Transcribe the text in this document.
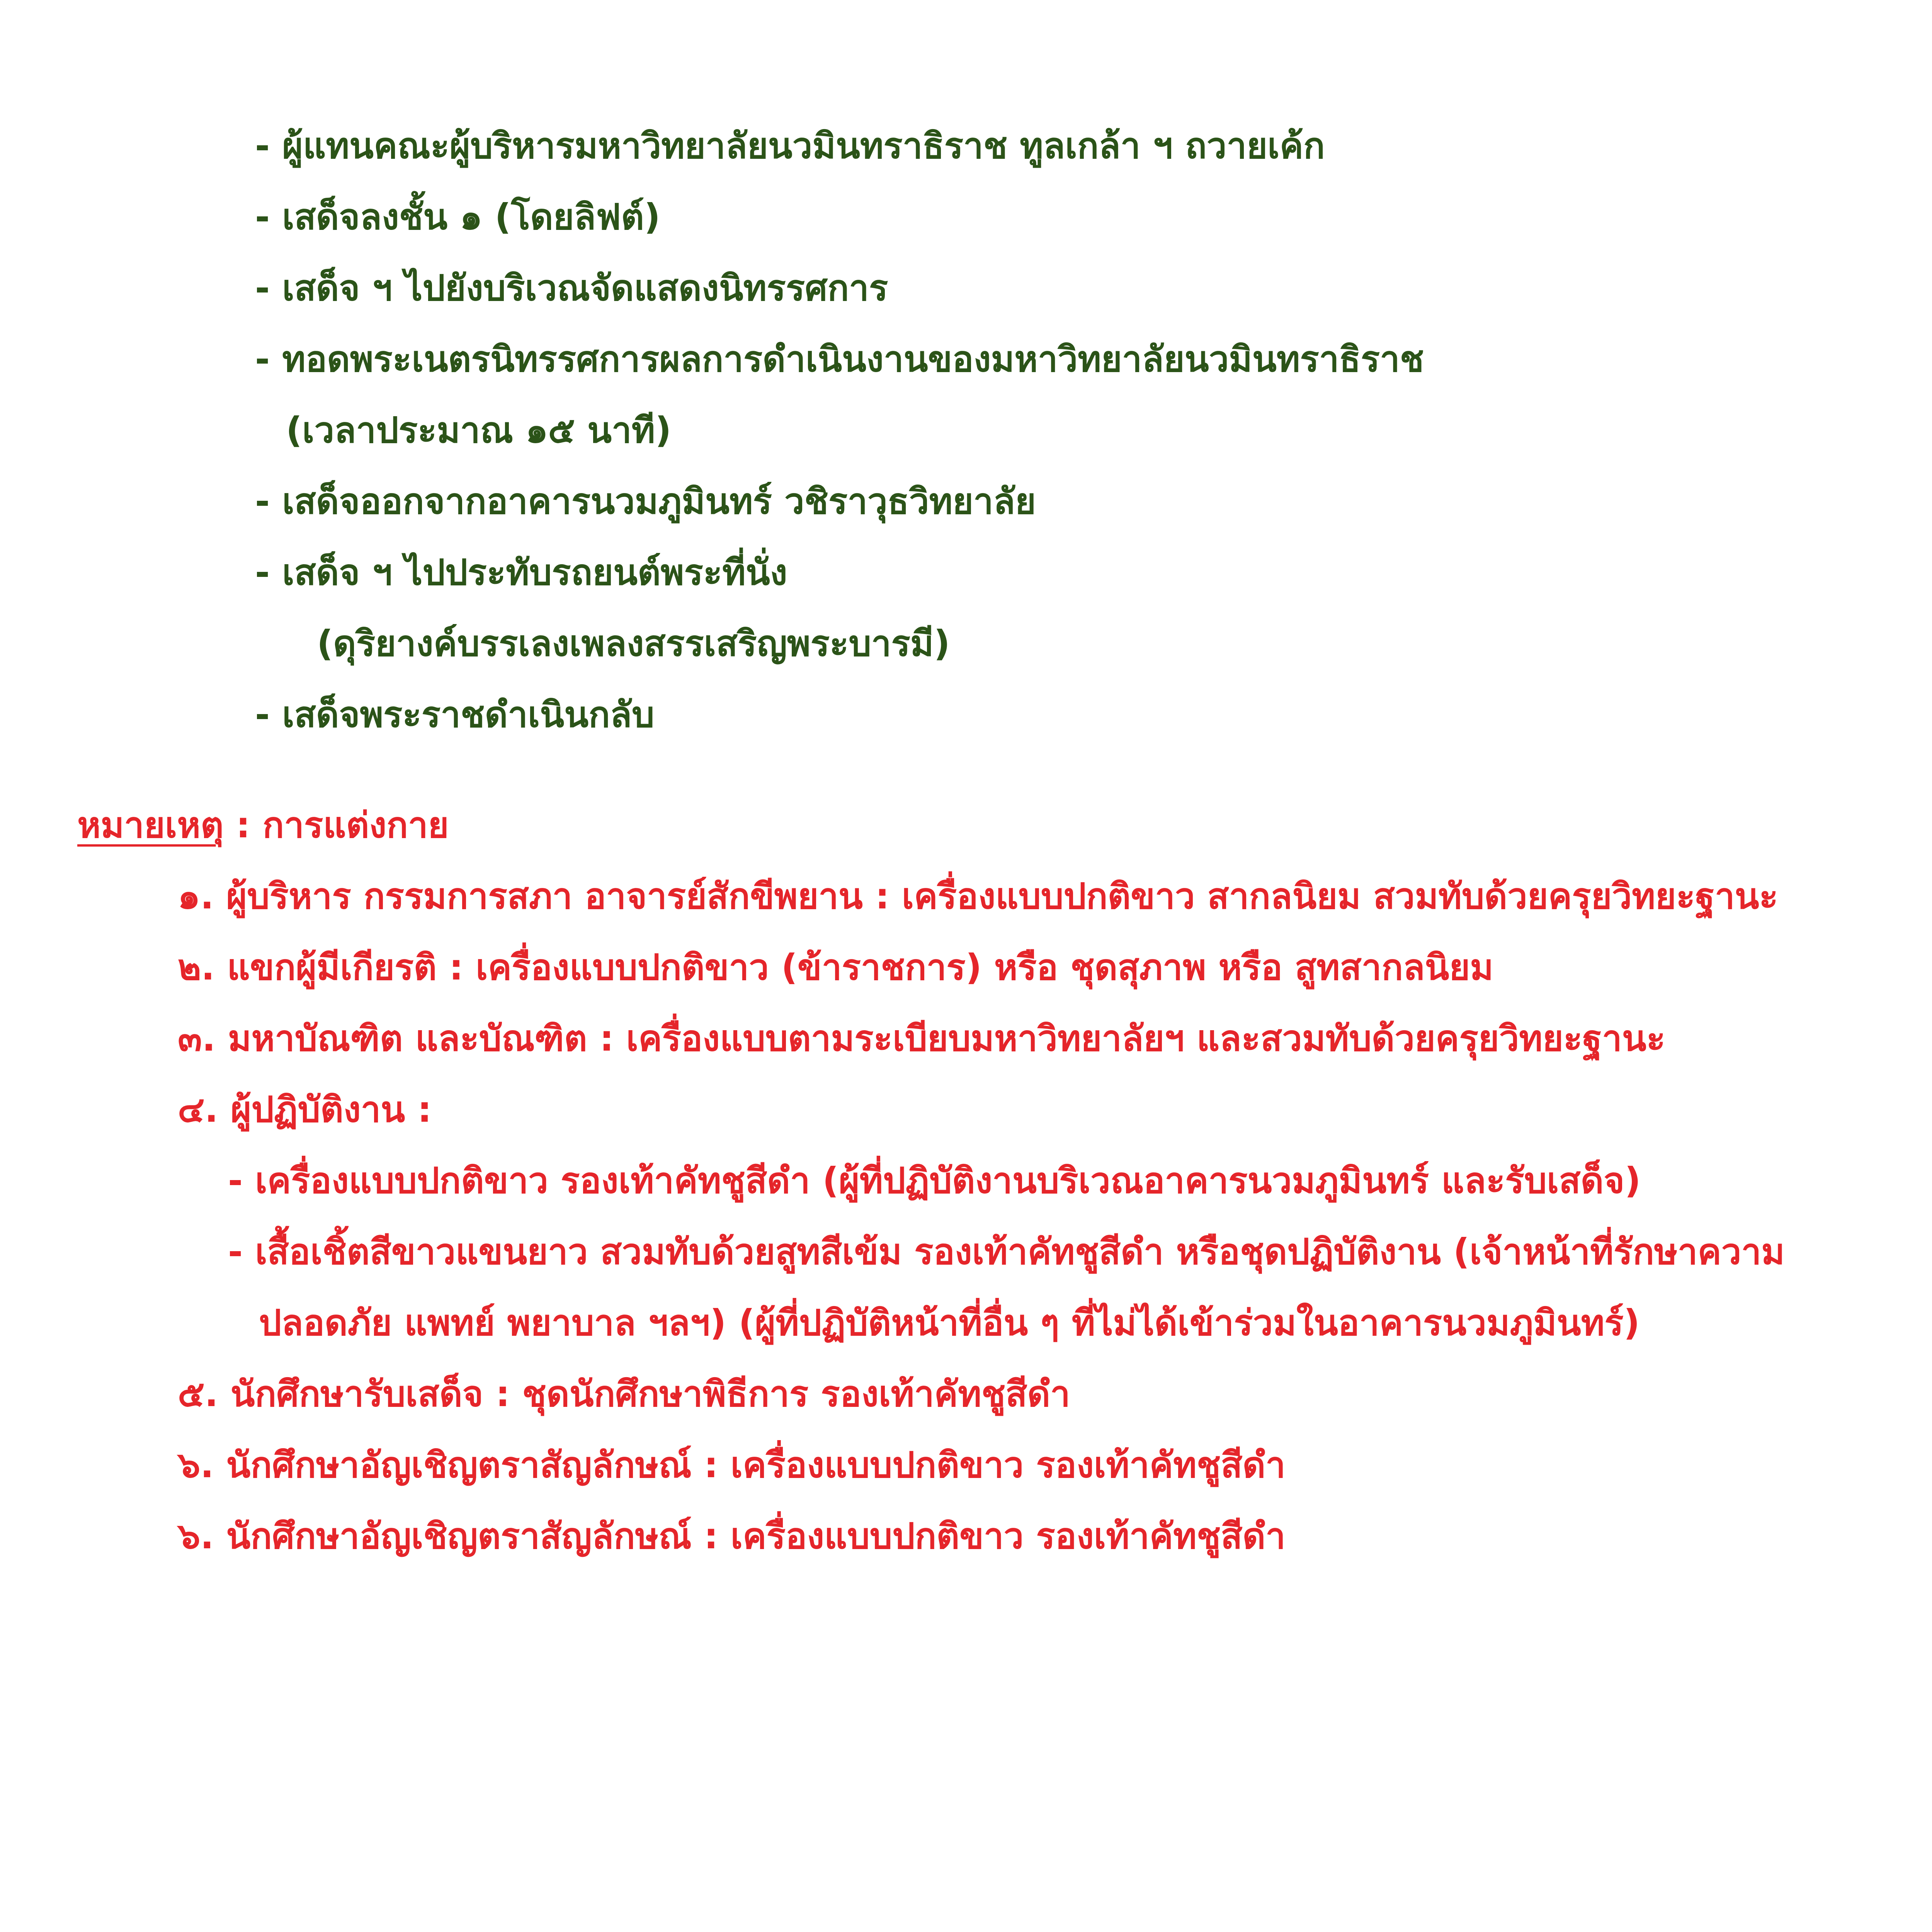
- ผู้แทนคณะผู้บริหารมหาวิทยาลัยนวมินทราธิราช ทูลเกล้า ฯ ถวายเค้ก
- เสด็จลงชั้น ๑ (โดยลิฟต์)
- เสด็จ ฯ ไปยังบริเวณจัดแสดงนิทรรศการ
- ทอดพระเนตรนิทรรศการผลการดำเนินงานของมหาวิทยาลัยนวมินทราธิราช
(เวลาประมาณ ๑๕ นาที)
- เสด็จออกจากอาคารนวมภูมินทร์ วชิราวุธวิทยาลัย
- เสด็จ ฯ ไปประทับรถยนต์พระที่นั่ง
(ดุริยางค์บรรเลงเพลงสรรเสริญพระบารมี)
- เสด็จพระราชดำเนินกลับ
หมายเหตุ : การแต่งกาย
๑. ผู้บริหาร กรรมการสภา อาจารย์สักขีพยาน : เครื่องแบบปกติขาว สากลนิยม สวมทับด้วยครุยวิทยะฐานะ
๒. แขกผู้มีเกียรติ : เครื่องแบบปกติขาว (ข้าราชการ) หรือ ชุดสุภาพ หรือ สูทสากลนิยม
๓. มหาบัณฑิต และบัณฑิต : เครื่องแบบตามระเบียบมหาวิทยาลัยฯ และสวมทับด้วยครุยวิทยะฐานะ
๔. ผู้ปฏิบัติงาน :
- เครื่องแบบปกติขาว รองเท้าคัทชูสีดำ (ผู้ที่ปฏิบัติงานบริเวณอาคารนวมภูมินทร์ และรับเสด็จ)
- เสื้อเชิ้ตสีขาวแขนยาว สวมทับด้วยสูทสีเข้ม รองเท้าคัทชูสีดำ หรือชุดปฏิบัติงาน (เจ้าหน้าที่รักษาความ
ปลอดภัย แพทย์ พยาบาล ฯลฯ) (ผู้ที่ปฏิบัติหน้าที่อื่น ๆ ที่ไม่ได้เข้าร่วมในอาคารนวมภูมินทร์)
๕. นักศึกษารับเสด็จ : ชุดนักศึกษาพิธีการ รองเท้าคัทชูสีดำ
๖. นักศึกษาอัญเชิญตราสัญลักษณ์ : เครื่องแบบปกติขาว รองเท้าคัทชูสีดำ
๖. นักศึกษาอัญเชิญตราสัญลักษณ์ : เครื่องแบบปกติขาว รองเท้าคัทชูสีดำ
